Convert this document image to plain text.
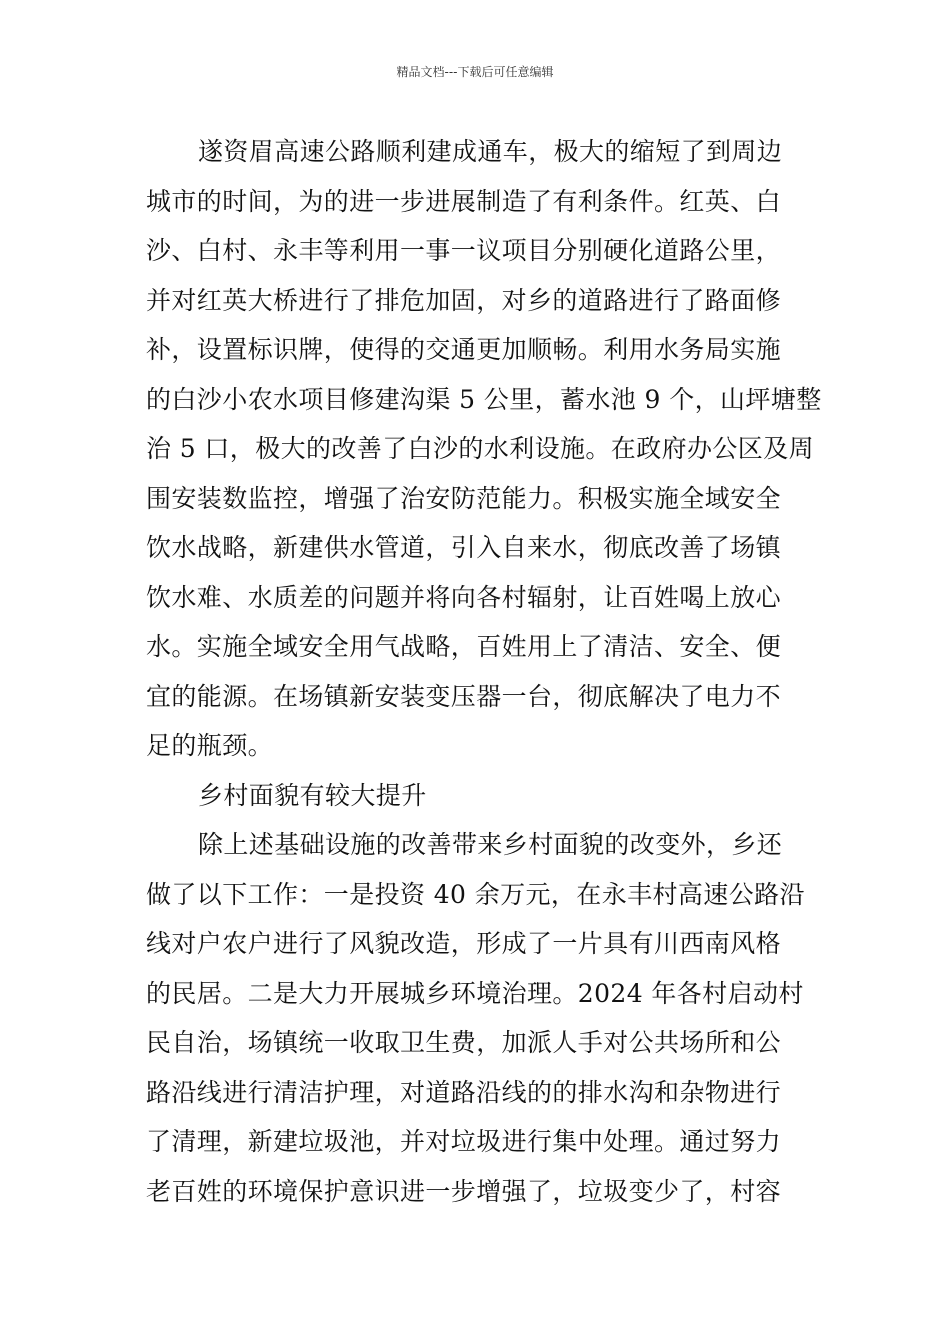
精品文档---下载后可任意编辑
遂资眉高速公路顺利建成通车，极大的缩短了到周边
城市的时间，为的进一步进展制造了有利条件。红英、白
沙、白村、永丰等利用一事一议项目分别硬化道路公里，
并对红英大桥进行了排危加固，对乡的道路进行了路面修
补，设置标识牌，使得的交通更加顺畅。利用水务局实施
的白沙小农水项目修建沟渠 5 公里，蓄水池 9 个，山坪塘整
治 5 口，极大的改善了白沙的水利设施。在政府办公区及周
围安装数监控，增强了治安防范能力。积极实施全域安全
饮水战略，新建供水管道，引入自来水，彻底改善了场镇
饮水难、水质差的问题并将向各村辐射，让百姓喝上放心
水。实施全域安全用气战略，百姓用上了清洁、安全、便
宜的能源。在场镇新安装变压器一台，彻底解决了电力不
足的瓶颈。
乡村面貌有较大提升
除上述基础设施的改善带来乡村面貌的改变外，乡还
做了以下工作：一是投资 40 余万元，在永丰村高速公路沿
线对户农户进行了风貌改造，形成了一片具有川西南风格
的民居。二是大力开展城乡环境治理。2024 年各村启动村
民自治，场镇统一收取卫生费，加派人手对公共场所和公
路沿线进行清洁护理，对道路沿线的的排水沟和杂物进行
了清理，新建垃圾池，并对垃圾进行集中处理。通过努力
老百姓的环境保护意识进一步增强了，垃圾变少了，村容
